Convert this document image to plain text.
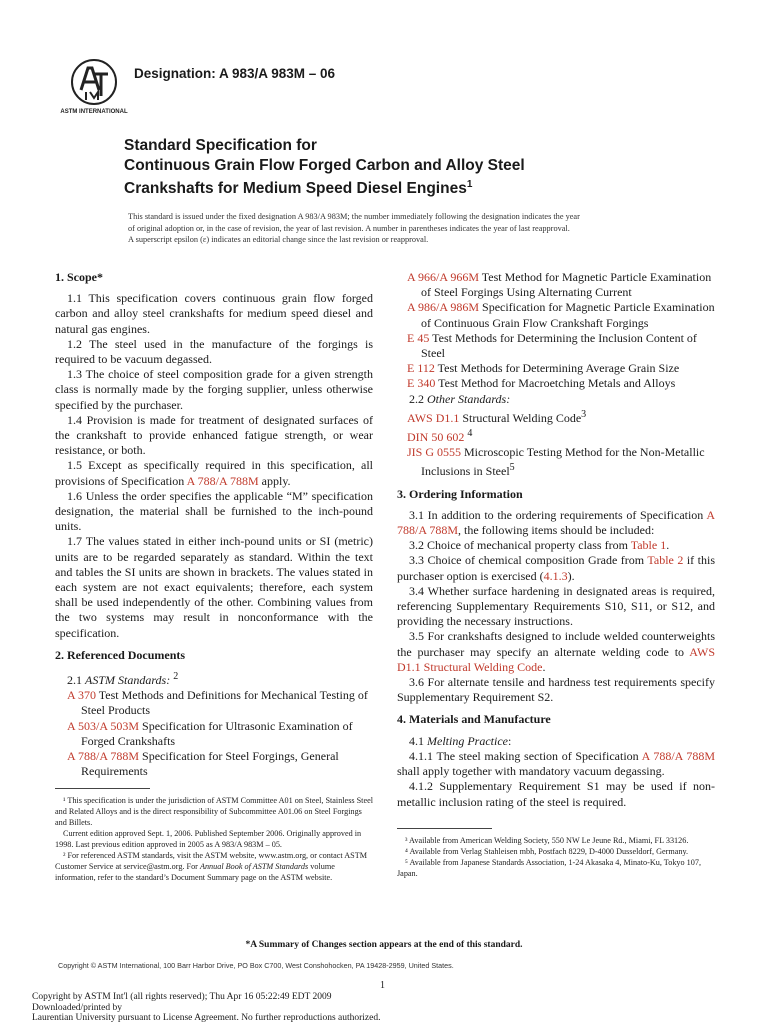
ASTM INTERNATIONAL
Designation: A 983/A 983M – 06
Standard Specification for
Continuous Grain Flow Forged Carbon and Alloy Steel
Crankshafts for Medium Speed Diesel Engines$^1$
This standard is issued under the fixed designation A 983/A 983M; the number immediately following the designation indicates the year
of original adoption or, in the case of revision, the year of last revision. A number in parentheses indicates the year of last reapproval.
A superscript epsilon (ε) indicates an editorial change since the last revision or reapproval.
1. Scope*

1.1 This specification covers continuous grain flow forged carbon and alloy steel crankshafts for medium speed diesel and natural gas engines.

1.2 The steel used in the manufacture of the forgings is required to be vacuum degassed.

1.3 The choice of steel composition grade for a given strength class is normally made by the forging supplier, unless otherwise specified by the purchaser.

1.4 Provision is made for treatment of designated surfaces of the crankshaft to provide enhanced fatigue strength, or wear resistance, or both.

1.5 Except as specifically required in this specification, all provisions of Specification A 788/A 788M apply.

1.6 Unless the order specifies the applicable “M” specification designation, the material shall be furnished to the inch-pound units.

1.7 The values stated in either inch-pound units or SI (metric) units are to be regarded separately as standard. Within the text and tables the SI units are shown in brackets. The values stated in each system are not exact equivalents; therefore, each system shall be used independently of the other. Combining values from the two systems may result in nonconformance with the specification.

2. Referenced Documents

2.1 ASTM Standards: $^2$

A 370 Test Methods and Definitions for Mechanical Testing of Steel Products
A 503/A 503M Specification for Ultrasonic Examination of Forged Crankshafts
A 788/A 788M Specification for Steel Forgings, General Requirements

¹ This specification is under the jurisdiction of ASTM Committee A01 on Steel, Stainless Steel and Related Alloys and is the direct responsibility of Subcommittee A01.06 on Steel Forgings and Billets.

Current edition approved Sept. 1, 2006. Published September 2006. Originally approved in 1998. Last previous edition approved in 2005 as A 983/A 983M – 05.

² For referenced ASTM standards, visit the ASTM website, www.astm.org, or contact ASTM Customer Service at service@astm.org. For Annual Book of ASTM Standards volume information, refer to the standard’s Document Summary page on the ASTM website.

A 966/A 966M Test Method for Magnetic Particle Examination of Steel Forgings Using Alternating Current
A 986/A 986M Specification for Magnetic Particle Examination of Continuous Grain Flow Crankshaft Forgings
E 45 Test Methods for Determining the Inclusion Content of Steel
E 112 Test Methods for Determining Average Grain Size
E 340 Test Method for Macroetching Metals and Alloys

2.2 Other Standards:

AWS D1.1 Structural Welding Code$^3$
DIN 50 602 $^4$
JIS G 0555 Microscopic Testing Method for the Non-Metallic Inclusions in Steel$^5$
3. Ordering Information

3.1 In addition to the ordering requirements of Specification A 788/A 788M, the following items should be included:

3.2 Choice of mechanical property class from Table 1.

3.3 Choice of chemical composition Grade from Table 2 if this purchaser option is exercised (4.1.3).

3.4 Whether surface hardening in designated areas is required, referencing Supplementary Requirements S10, S11, or S12, and providing the necessary instructions.

3.5 For crankshafts designed to include welded counterweights the purchaser may specify an alternate welding code to AWS D1.1 Structural Welding Code.

3.6 For alternate tensile and hardness test requirements specify Supplementary Requirement S2.

4. Materials and Manufacture

4.1 Melting Practice:

4.1.1 The steel making section of Specification A 788/A 788M shall apply together with mandatory vacuum degassing.

4.1.2 Supplementary Requirement S1 may be used if non-metallic inclusion rating of the steel is required.

³ Available from American Welding Society, 550 NW Le Jeune Rd., Miami, FL 33126.

⁴ Available from Verlag Stahleisen mbh, Postfach 8229, D-4000 Dusseldorf, Germany.

⁵ Available from Japanese Standards Association, 1-24 Akasaka 4, Minato-Ku, Tokyo 107, Japan.

*A Summary of Changes section appears at the end of this standard.
Copyright © ASTM International, 100 Barr Harbor Drive, PO Box C700, West Conshohocken, PA 19428-2959, United States.
1
Copyright by ASTM Int'l (all rights reserved); Thu Apr 16 05:22:49 EDT 2009
Downloaded/printed by
Laurentian University pursuant to License Agreement. No further reproductions authorized.
